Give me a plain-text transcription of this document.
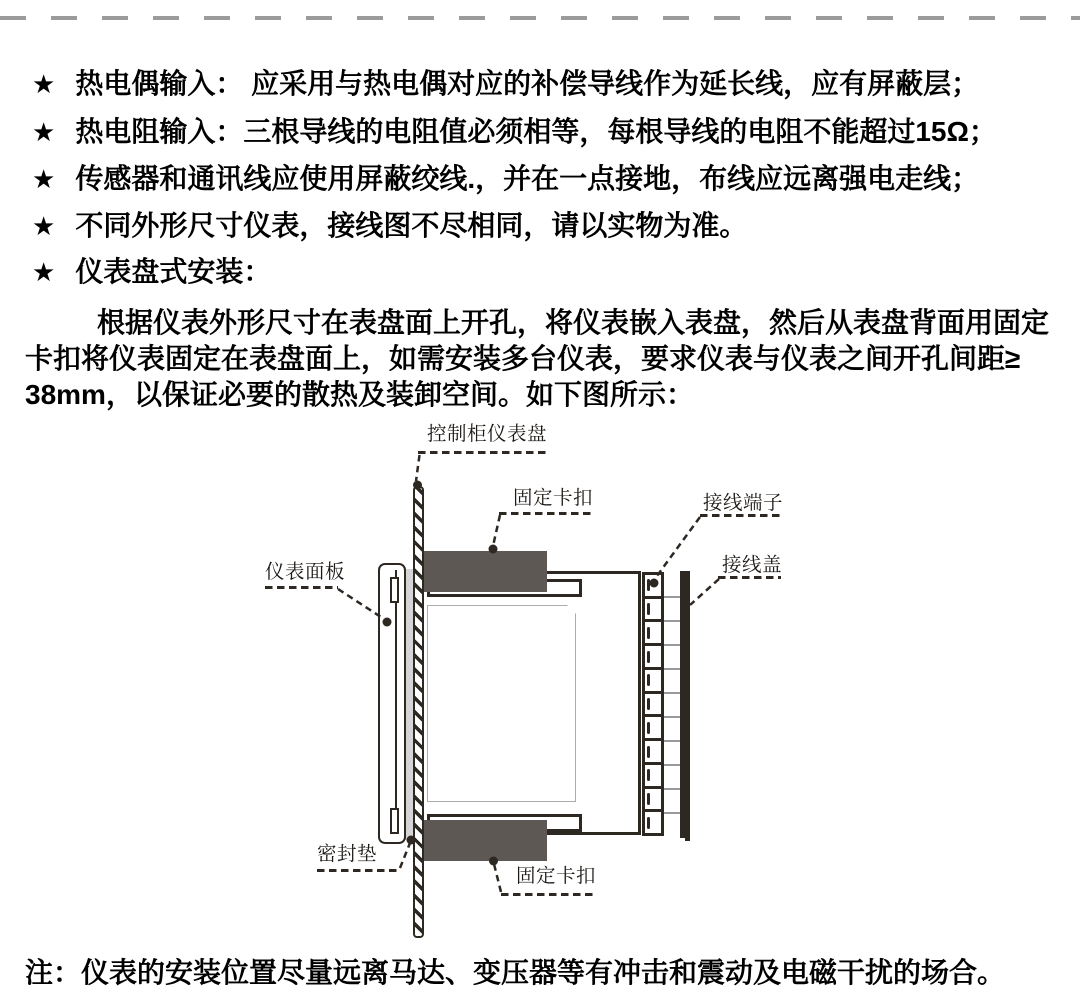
★ 热电偶输入： 应采用与热电偶对应的补偿导线作为延长线，应有屏蔽层；
★ 热电阻输入：三根导线的电阻值必须相等，每根导线的电阻不能超过15Ω；
★ 传感器和通讯线应使用屏蔽绞线.，并在一点接地，布线应远离强电走线；
★ 不同外形尺寸仪表，接线图不尽相同，请以实物为准。
★ 仪表盘式安装：
根据仪表外形尺寸在表盘面上开孔，将仪表嵌入表盘，然后从表盘背面用固定
卡扣将仪表固定在表盘面上，如需安装多台仪表，要求仪表与仪表之间开孔间距≥
38mm，以保证必要的散热及装卸空间。如下图所示：
控制柜仪表盘
固定卡扣	接线端子
接线盖
仪表面板
密封垫
固定卡扣
注：仪表的安装位置尽量远离马达、变压器等有冲击和震动及电磁干扰的场合。
